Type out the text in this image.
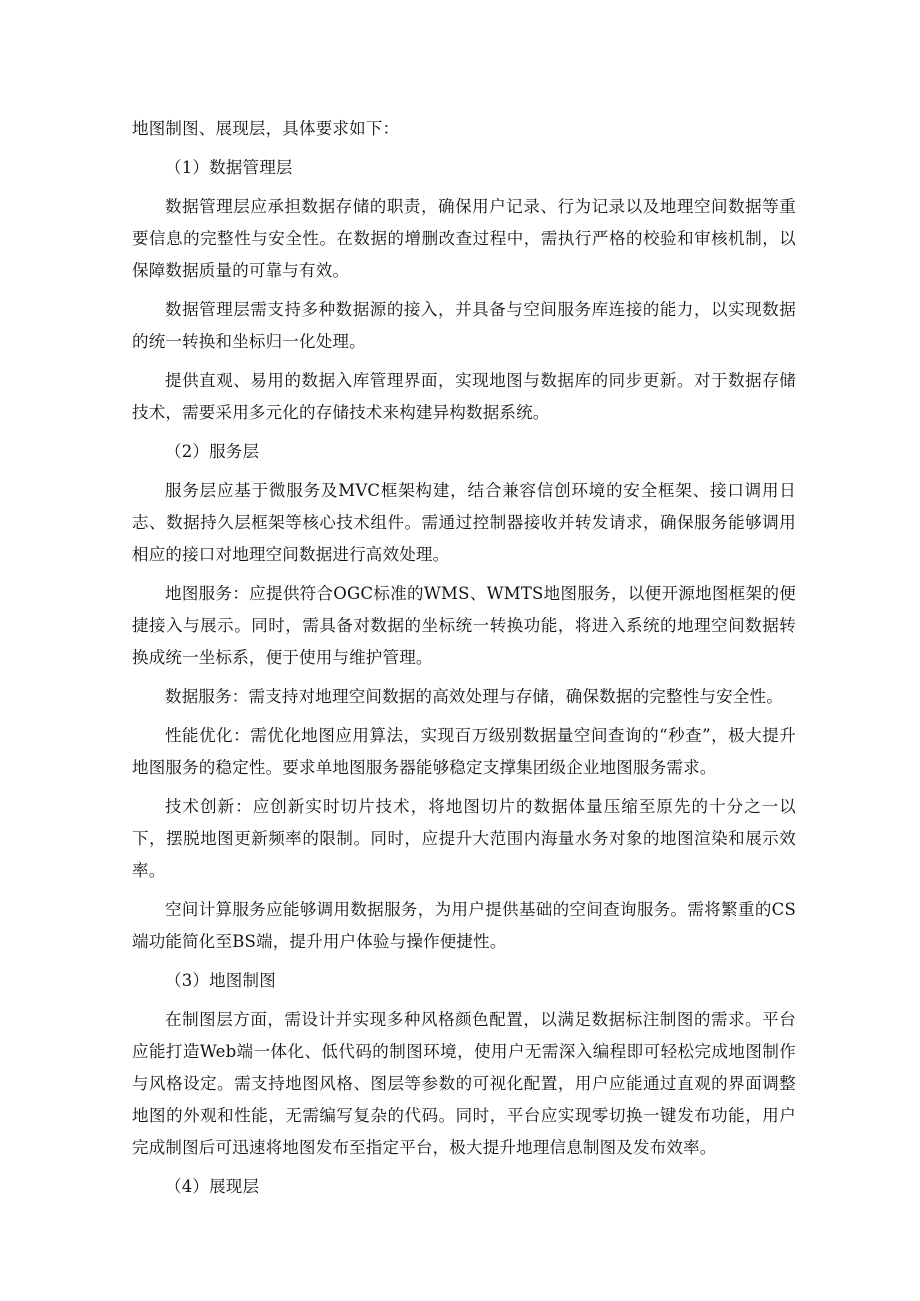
地图制图、展现层，具体要求如下：

（1）数据管理层

数据管理层应承担数据存储的职责，确保用户记录、行为记录以及地理空间数据等重要信息的完整性与安全性。在数据的增删改查过程中，需执行严格的校验和审核机制，以保障数据质量的可靠与有效。

数据管理层需支持多种数据源的接入，并具备与空间服务库连接的能力，以实现数据的统一转换和坐标归一化处理。

提供直观、易用的数据入库管理界面，实现地图与数据库的同步更新。对于数据存储技术，需要采用多元化的存储技术来构建异构数据系统。

（2）服务层

服务层应基于微服务及MVC框架构建，结合兼容信创环境的安全框架、接口调用日志、数据持久层框架等核心技术组件。需通过控制器接收并转发请求，确保服务能够调用相应的接口对地理空间数据进行高效处理。

地图服务：应提供符合OGC标准的WMS、WMTS地图服务，以便开源地图框架的便捷接入与展示。同时，需具备对数据的坐标统一转换功能，将进入系统的地理空间数据转换成统一坐标系，便于使用与维护管理。

数据服务：需支持对地理空间数据的高效处理与存储，确保数据的完整性与安全性。

性能优化：需优化地图应用算法，实现百万级别数据量空间查询的“秒查”，极大提升地图服务的稳定性。要求单地图服务器能够稳定支撑集团级企业地图服务需求。

技术创新：应创新实时切片技术，将地图切片的数据体量压缩至原先的十分之一以下，摆脱地图更新频率的限制。同时，应提升大范围内海量水务对象的地图渲染和展示效率。

空间计算服务应能够调用数据服务，为用户提供基础的空间查询服务。需将繁重的CS端功能简化至BS端，提升用户体验与操作便捷性。

（3）地图制图

在制图层方面，需设计并实现多种风格颜色配置，以满足数据标注制图的需求。平台应能打造Web端一体化、低代码的制图环境，使用户无需深入编程即可轻松完成地图制作与风格设定。需支持地图风格、图层等参数的可视化配置，用户应能通过直观的界面调整地图的外观和性能，无需编写复杂的代码。同时，平台应实现零切换一键发布功能，用户完成制图后可迅速将地图发布至指定平台，极大提升地理信息制图及发布效率。

（4）展现层
